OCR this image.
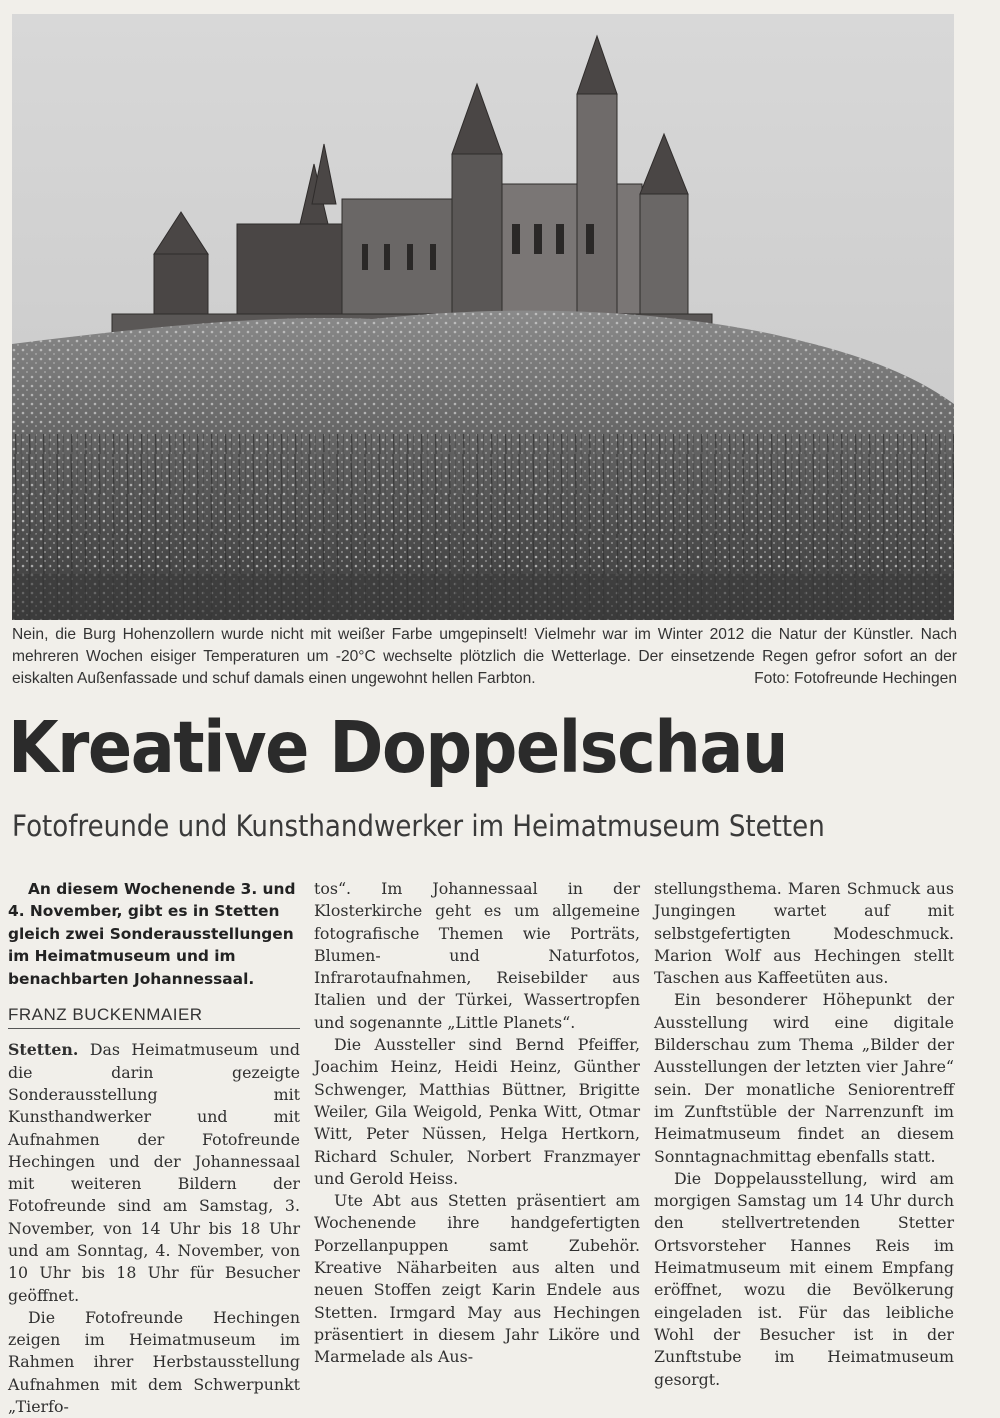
Nein, die Burg Hohenzollern wurde nicht mit weißer Farbe umgepinselt! Vielmehr war im Winter 2012 die Natur der Künstler. Nach mehreren Wochen eisiger Temperaturen um -20°C wechselte plötzlich die Wetterlage. Der einsetzende Regen gefror sofort an der eiskalten Außenfassade und schuf damals einen ungewohnt hellen Farbton.	Foto: Fotofreunde Hechingen
Kreative Doppelschau
Fotofreunde und Kunsthandwerker im Heimatmuseum Stetten

An diesem Wochenende 3. und 4. November, gibt es in Stetten gleich zwei Sonderausstellungen im Heimatmuseum und im benachbarten Johannessaal.

FRANZ BUCKENMAIER

Stetten. Das Heimatmuseum und die darin gezeigte Sonderausstellung mit Kunsthandwerker und mit Aufnahmen der Fotofreunde Hechingen und der Johannessaal mit weiteren Bildern der Fotofreunde sind am Samstag, 3. November, von 14 Uhr bis 18 Uhr und am Sonntag, 4. November, von 10 Uhr bis 18 Uhr für Besucher geöffnet.

Die Fotofreunde Hechingen zeigen im Heimatmuseum im Rahmen ihrer Herbstausstellung Aufnahmen mit dem Schwerpunkt „Tierfo-

tos“. Im Johannessaal in der Klosterkirche geht es um allgemeine fotografische Themen wie Porträts, Blumen- und Naturfotos, Infrarotaufnahmen, Reisebilder aus Italien und der Türkei, Wassertropfen und sogenannte „Little Planets“.

Die Aussteller sind Bernd Pfeiffer, Joachim Heinz, Heidi Heinz, Günther Schwenger, Matthias Büttner, Brigitte Weiler, Gila Weigold, Penka Witt, Otmar Witt, Peter Nüssen, Helga Hertkorn, Richard Schuler, Norbert Franzmayer und Gerold Heiss.

Ute Abt aus Stetten präsentiert am Wochenende ihre handgefertigten Porzellanpuppen samt Zubehör. Kreative Näharbeiten aus alten und neuen Stoffen zeigt Karin Endele aus Stetten. Irmgard May aus Hechingen präsentiert in diesem Jahr Liköre und Marmelade als Aus-

stellungsthema. Maren Schmuck aus Jungingen wartet auf mit selbstgefertigten Modeschmuck. Marion Wolf aus Hechingen stellt Taschen aus Kaffeetüten aus.

Ein besonderer Höhepunkt der Ausstellung wird eine digitale Bilderschau zum Thema „Bilder der Ausstellungen der letzten vier Jahre“ sein. Der monatliche Seniorentreff im Zunftstüble der Narrenzunft im Heimatmuseum findet an diesem Sonntagnachmittag ebenfalls statt.

Die Doppelausstellung, wird am morgigen Samstag um 14 Uhr durch den stellvertretenden Stetter Ortsvorsteher Hannes Reis im Heimatmuseum mit einem Empfang eröffnet, wozu die Bevölkerung eingeladen ist. Für das leibliche Wohl der Besucher ist in der Zunftstube im Heimatmuseum gesorgt.
